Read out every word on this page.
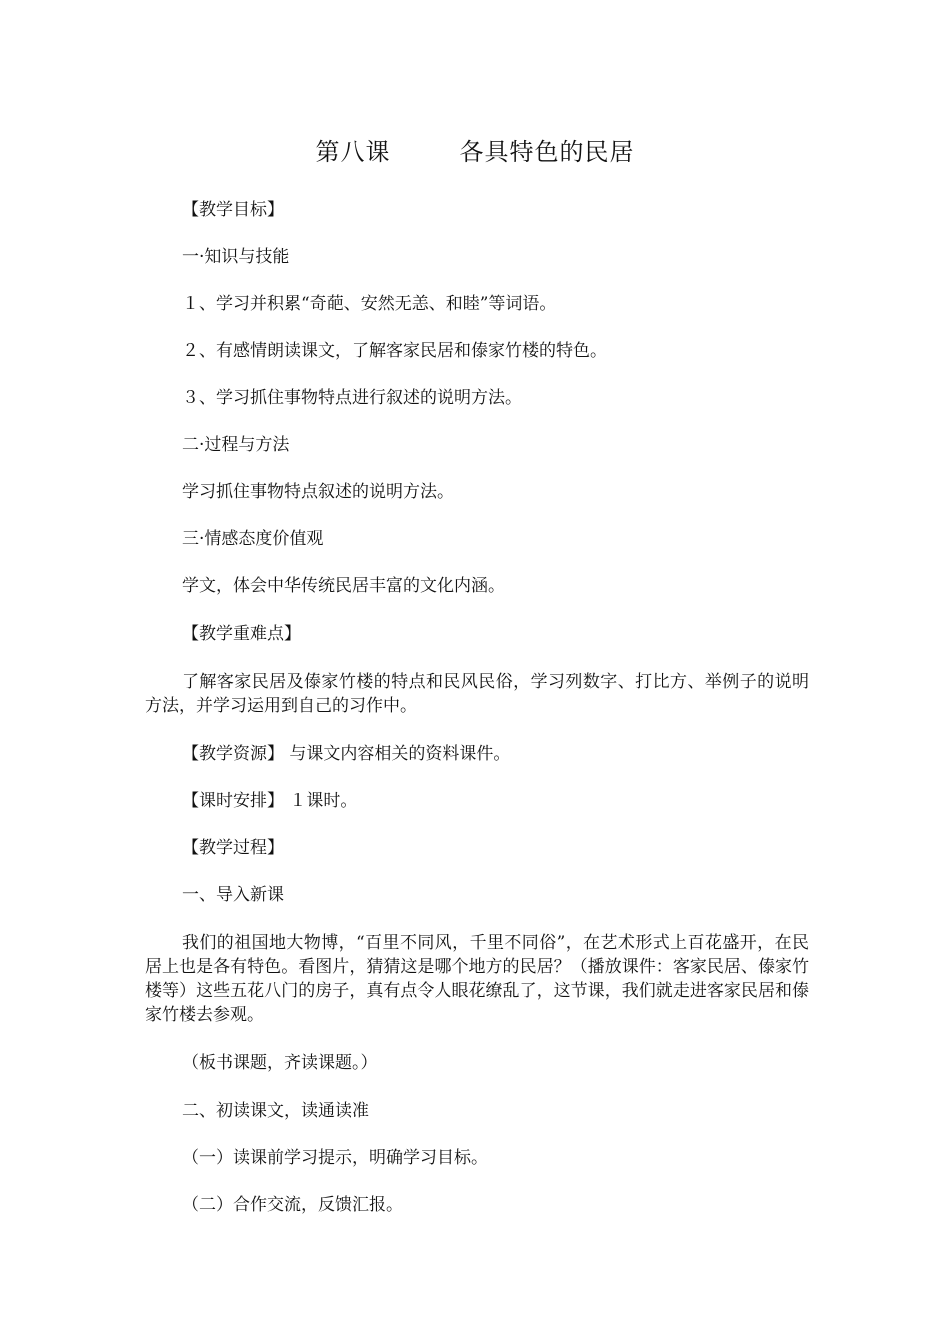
第八课        各具特色的民居

【教学目标】

一·知识与技能

１、学习并积累“奇葩、安然无恙、和睦”等词语。

２、有感情朗读课文，了解客家民居和傣家竹楼的特色。

３、学习抓住事物特点进行叙述的说明方法。

二·过程与方法

学习抓住事物特点叙述的说明方法。

三·情感态度价值观

学文，体会中华传统民居丰富的文化内涵。

【教学重难点】

了解客家民居及傣家竹楼的特点和民风民俗，学习列数字、打比方、举例子的说明方法，并学习运用到自己的习作中。

【教学资源】 与课文内容相关的资料课件。

【课时安排】 １课时。

【教学过程】

一、导入新课

我们的祖国地大物博，“百里不同风，千里不同俗”，在艺术形式上百花盛开，在民居上也是各有特色。看图片，猜猜这是哪个地方的民居？（播放课件：客家民居、傣家竹楼等）这些五花八门的房子，真有点令人眼花缭乱了，这节课，我们就走进客家民居和傣家竹楼去参观。

（板书课题，齐读课题。）

二、初读课文，读通读准

（一）读课前学习提示，明确学习目标。

（二）合作交流，反馈汇报。
